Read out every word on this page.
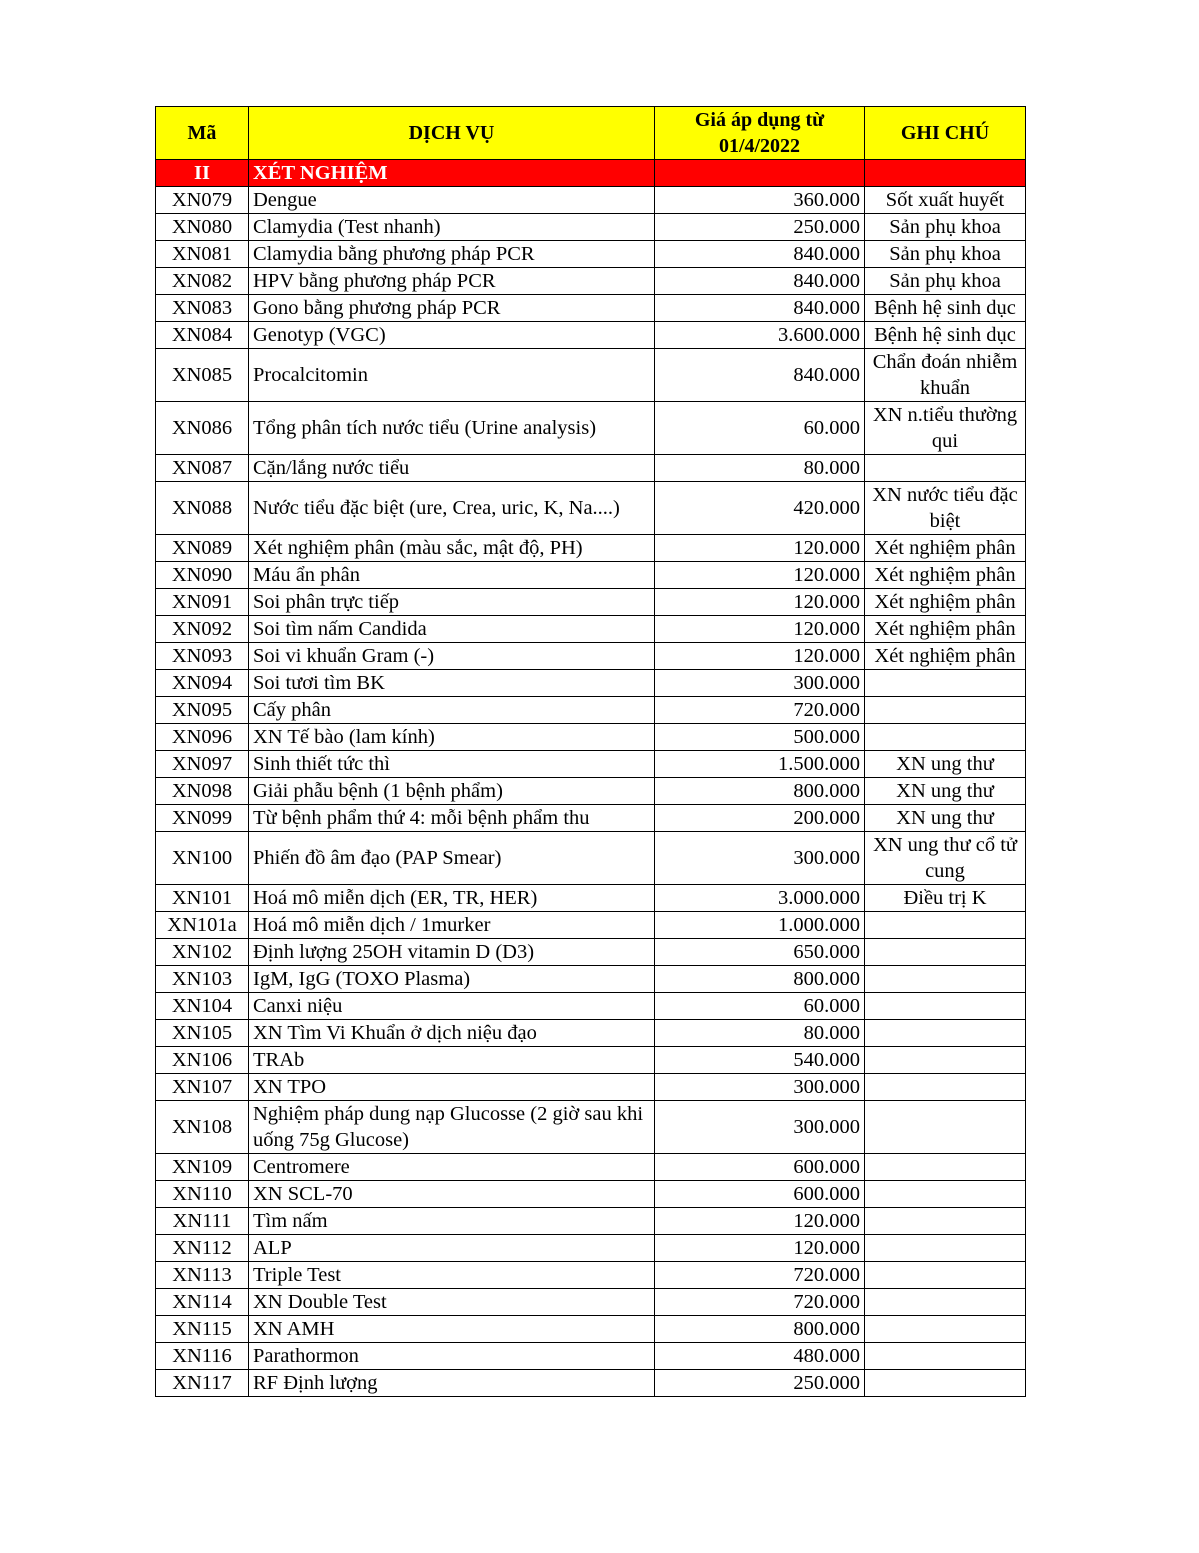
Mã	DỊCH VỤ	Giá áp dụng từ 01/4/2022	GHI CHÚ
II	XÉT NGHIỆM		
XN079	Dengue	360.000	Sốt xuất huyết
XN080	Clamydia (Test nhanh)	250.000	Sản phụ khoa
XN081	Clamydia bằng phương pháp PCR	840.000	Sản phụ khoa
XN082	HPV bằng phương pháp PCR	840.000	Sản phụ khoa
XN083	Gono bằng phương pháp PCR	840.000	Bệnh hệ sinh dục
XN084	Genotyp (VGC)	3.600.000	Bệnh hệ sinh dục
XN085	Procalcitomin	840.000	Chẩn đoán nhiễm khuẩn
XN086	Tổng phân tích nước tiểu (Urine analysis)	60.000	XN n.tiểu thường qui
XN087	Cặn/lắng nước tiểu	80.000	
XN088	Nước tiểu đặc biệt (ure, Crea, uric, K, Na....)	420.000	XN nước tiểu đặc biệt
XN089	Xét nghiệm phân (màu sắc, mật độ, PH)	120.000	Xét nghiệm phân
XN090	Máu ẩn phân	120.000	Xét nghiệm phân
XN091	Soi phân trực tiếp	120.000	Xét nghiệm phân
XN092	Soi tìm nấm Candida	120.000	Xét nghiệm phân
XN093	Soi vi khuẩn Gram (-)	120.000	Xét nghiệm phân
XN094	Soi tươi tìm BK	300.000	
XN095	Cấy phân	720.000	
XN096	XN Tế bào (lam kính)	500.000	
XN097	Sinh thiết tức thì	1.500.000	XN ung thư
XN098	Giải phẫu bệnh (1 bệnh phẩm)	800.000	XN ung thư
XN099	Từ bệnh phẩm thứ 4: mỗi bệnh phẩm thu	200.000	XN ung thư
XN100	Phiến đồ âm đạo (PAP Smear)	300.000	XN ung thư cổ tử cung
XN101	Hoá mô miễn dịch (ER, TR, HER)	3.000.000	Điều trị K
XN101a	Hoá mô miễn dịch / 1murker	1.000.000	
XN102	Định lượng 25OH vitamin D (D3)	650.000	
XN103	IgM, IgG (TOXO Plasma)	800.000	
XN104	Canxi niệu	60.000	
XN105	XN Tìm Vi Khuẩn ở dịch niệu đạo	80.000	
XN106	TRAb	540.000	
XN107	XN TPO	300.000	
XN108	Nghiệm pháp dung nạp Glucosse (2 giờ sau khi uống 75g Glucose)	300.000	
XN109	Centromere	600.000	
XN110	XN SCL-70	600.000	
XN111	Tìm nấm	120.000	
XN112	ALP	120.000	
XN113	Triple Test	720.000	
XN114	XN Double Test	720.000	
XN115	XN AMH	800.000	
XN116	Parathormon	480.000	
XN117	RF Định lượng	250.000	
